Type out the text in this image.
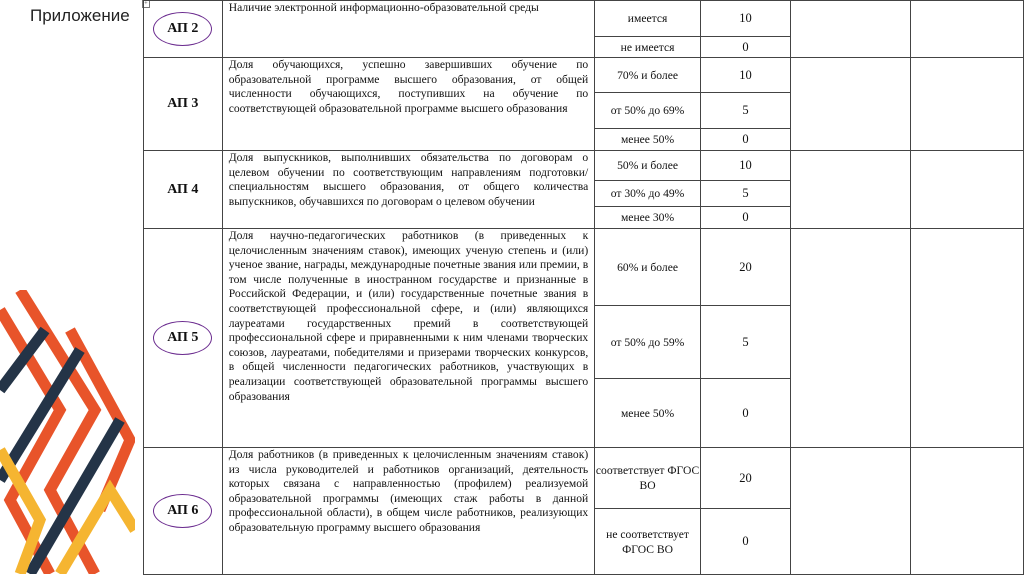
Приложение
+
АП 2	Наличие электронной информационно-образовательной среды	имеется	10		
		не имеется	0		
АП 3	Доля обучающихся, успешно завершивших обучение по образовательной программе высшего образования, от общей численности обучающихся, поступивших на обучение по соответствующей образовательной программе высшего образования	70% и более	10		
		от 50% до 69%	5		
		менее 50%	0		
АП 4	Доля выпускников, выполнивших обязательства по договорам о целевом обучении по соответствующим направлениям подготовки/специальностям высшего образования, от общего количества выпускников, обучавшихся по договорам о целевом обучении	50% и более	10		
		от 30% до 49%	5		
		менее 30%	0		
АП 5	Доля научно-педагогических работников (в приведенных к целочисленным значениям ставок), имеющих ученую степень и (или) ученое звание, награды, международные почетные звания или премии, в том числе полученные в иностранном государстве и признанные в Российской Федерации, и (или) государственные почетные звания в соответствующей профессиональной сфере, и (или) являющихся лауреатами государственных премий в соответствующей профессиональной сфере и приравненными к ним членами творческих союзов, лауреатами, победителями и призерами творческих конкурсов, в общей численности педагогических работников, участвующих в реализации соответствующей образовательной программы высшего образования	60% и более	20		
		от 50% до 59%	5		
		менее 50%	0		
АП 6	Доля работников (в приведенных к целочисленным значениям ставок) из числа руководителей и работников организаций, деятельность которых связана с направленностью (профилем) реализуемой образовательной программы (имеющих стаж работы в данной профессиональной области), в общем числе работников, реализующих образовательную программу высшего образования	соответствует ФГОС ВО	20		
		не соответствует ФГОС ВО	0		
